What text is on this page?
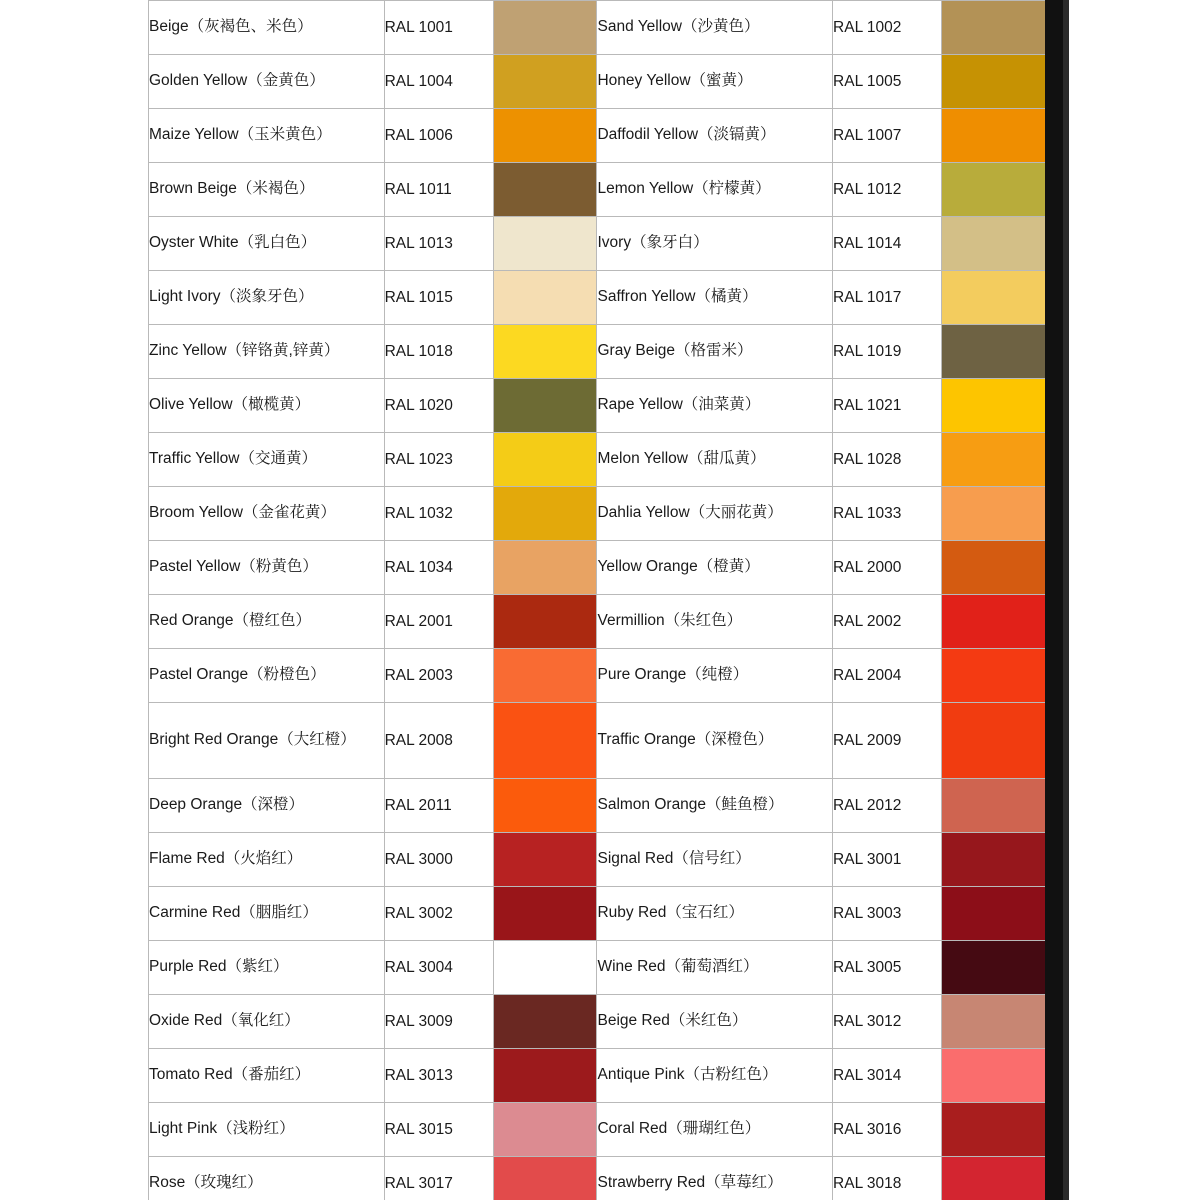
Beige（灰褐色、米色）	RAL 1001		Sand Yellow（沙黄色）	RAL 1002	

Golden Yellow（金黄色）	RAL 1004		Honey Yellow（蜜黄）	RAL 1005	

Maize Yellow（玉米黄色）	RAL 1006		Daffodil Yellow（淡镉黄）	RAL 1007	

Brown Beige（米褐色）	RAL 1011		Lemon Yellow（柠檬黄）	RAL 1012	

Oyster White（乳白色）	RAL 1013		Ivory（象牙白）	RAL 1014	

Light Ivory（淡象牙色）	RAL 1015		Saffron Yellow（橘黄）	RAL 1017	

Zinc Yellow（锌铬黄,锌黄）	RAL 1018		Gray Beige（格雷米）	RAL 1019	

Olive Yellow（橄榄黄）	RAL 1020		Rape Yellow（油菜黄）	RAL 1021	

Traffic Yellow（交通黄）	RAL 1023		Melon Yellow（甜瓜黄）	RAL 1028	

Broom Yellow（金雀花黄）	RAL 1032		Dahlia Yellow（大丽花黄）	RAL 1033	

Pastel Yellow（粉黄色）	RAL 1034		Yellow Orange（橙黄）	RAL 2000	

Red Orange（橙红色）	RAL 2001		Vermillion（朱红色）	RAL 2002	

Pastel Orange（粉橙色）	RAL 2003		Pure Orange（纯橙）	RAL 2004	

Bright Red Orange（大红橙）	RAL 2008		Traffic Orange（深橙色）	RAL 2009	

Deep Orange（深橙）	RAL 2011		Salmon Orange（鲑鱼橙）	RAL 2012	

Flame Red（火焰红）	RAL 3000		Signal Red（信号红）	RAL 3001	

Carmine Red（胭脂红）	RAL 3002		Ruby Red（宝石红）	RAL 3003	

Purple Red（紫红）	RAL 3004		Wine Red（葡萄酒红）	RAL 3005	

Oxide Red（氧化红）	RAL 3009		Beige Red（米红色）	RAL 3012	

Tomato Red（番茄红）	RAL 3013		Antique Pink（古粉红色）	RAL 3014	

Light Pink（浅粉红）	RAL 3015		Coral Red（珊瑚红色）	RAL 3016	

Rose（玫瑰红）	RAL 3017		Strawberry Red（草莓红）	RAL 3018	
